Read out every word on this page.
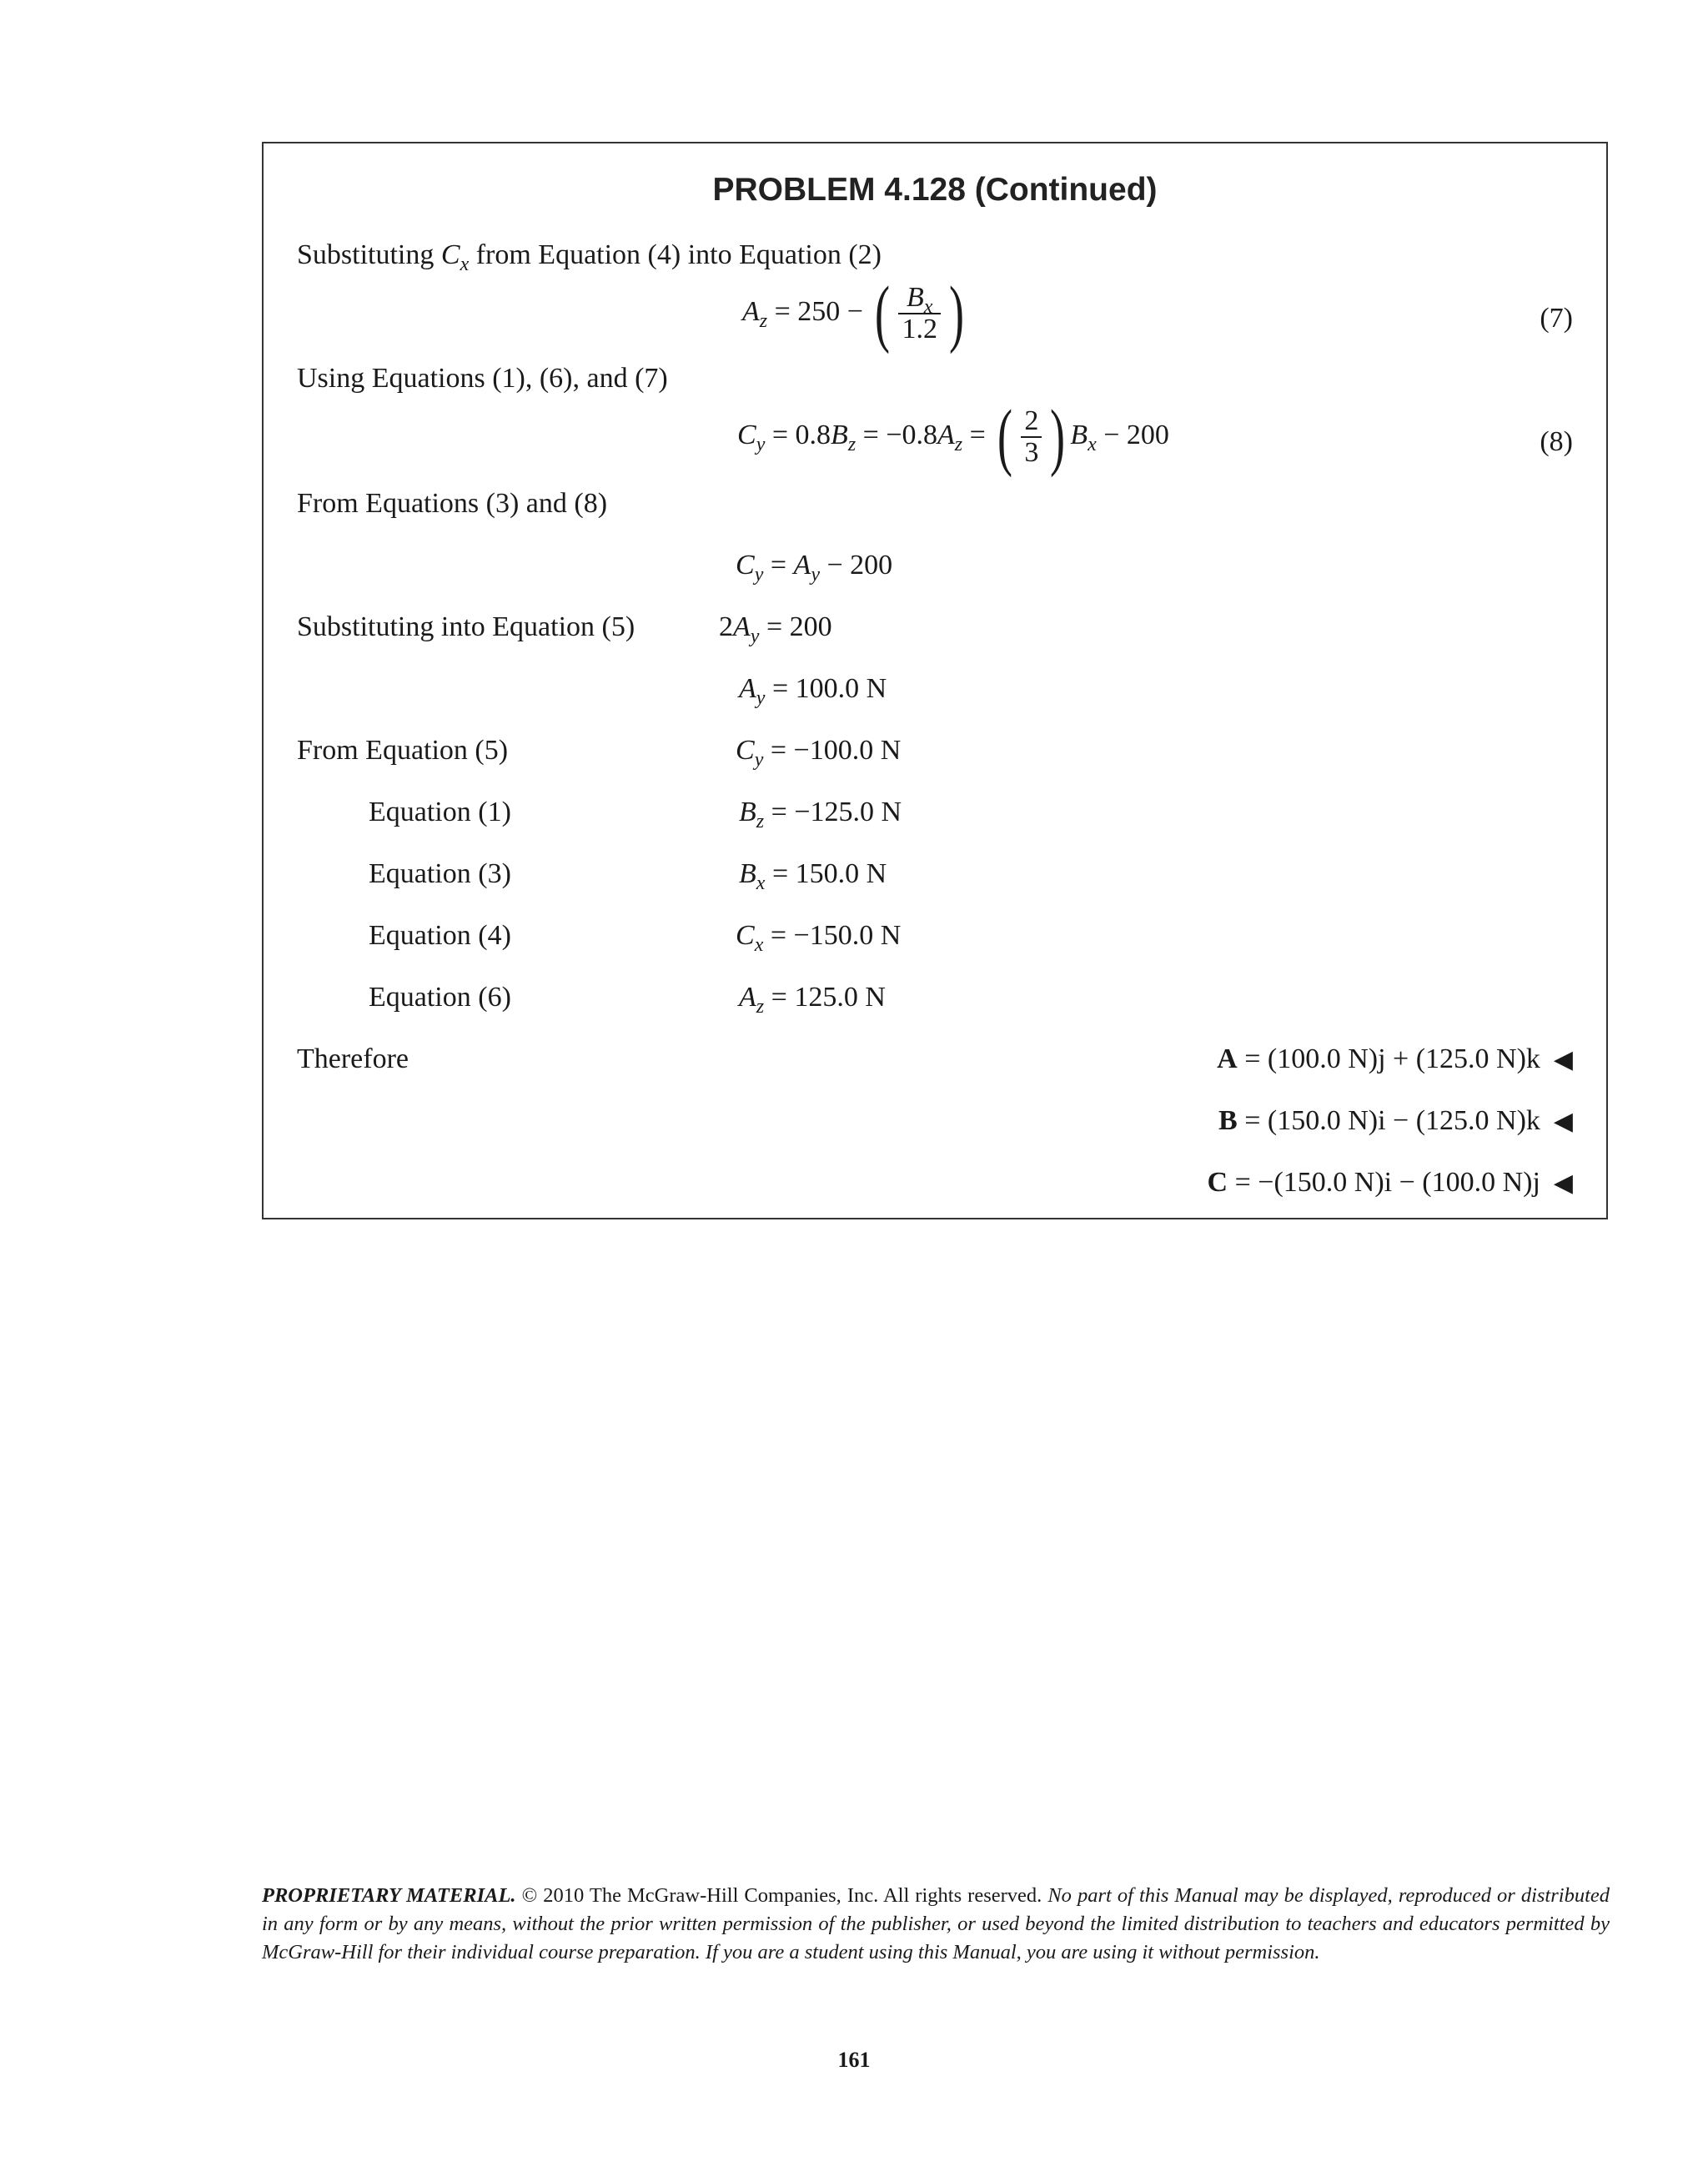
PROBLEM 4.128 (Continued)
Substituting $C_x$ from Equation (4) into Equation (2)
$A_z = 250$ − ( $\frac{B_x}{1.2}$ )	(7)
Using Equations (1), (6), and (7)
$C_y = 0.8B_z = -0.8A_z$ = ( $\frac{2}{3}$ ) $B_x - 200$	(8)
From Equations (3) and (8)
$C_y = A_y - 200$
Substituting into Equation (5)	$2A_y = 200$
$A_y = 100.0$ N
From Equation (5)	$C_y = -100.0$ N
Equation (1)	$B_z = -125.0$ N
Equation (3)	$B_x = 150.0$ N
Equation (4)	$C_x = -150.0$ N
Equation (6)	$A_z = 125.0$ N
Therefore	A = (100.0 N)j + (125.0 N)k ◀
B = (150.0 N)i − (125.0 N)k ◀
C = −(150.0 N)i − (100.0 N)j ◀
PROPRIETARY MATERIAL. © 2010 The McGraw-Hill Companies, Inc. All rights reserved. No part of this Manual may be displayed, reproduced or distributed in any form or by any means, without the prior written permission of the publisher, or used beyond the limited distribution to teachers and educators permitted by McGraw-Hill for their individual course preparation. If you are a student using this Manual, you are using it without permission.
161
